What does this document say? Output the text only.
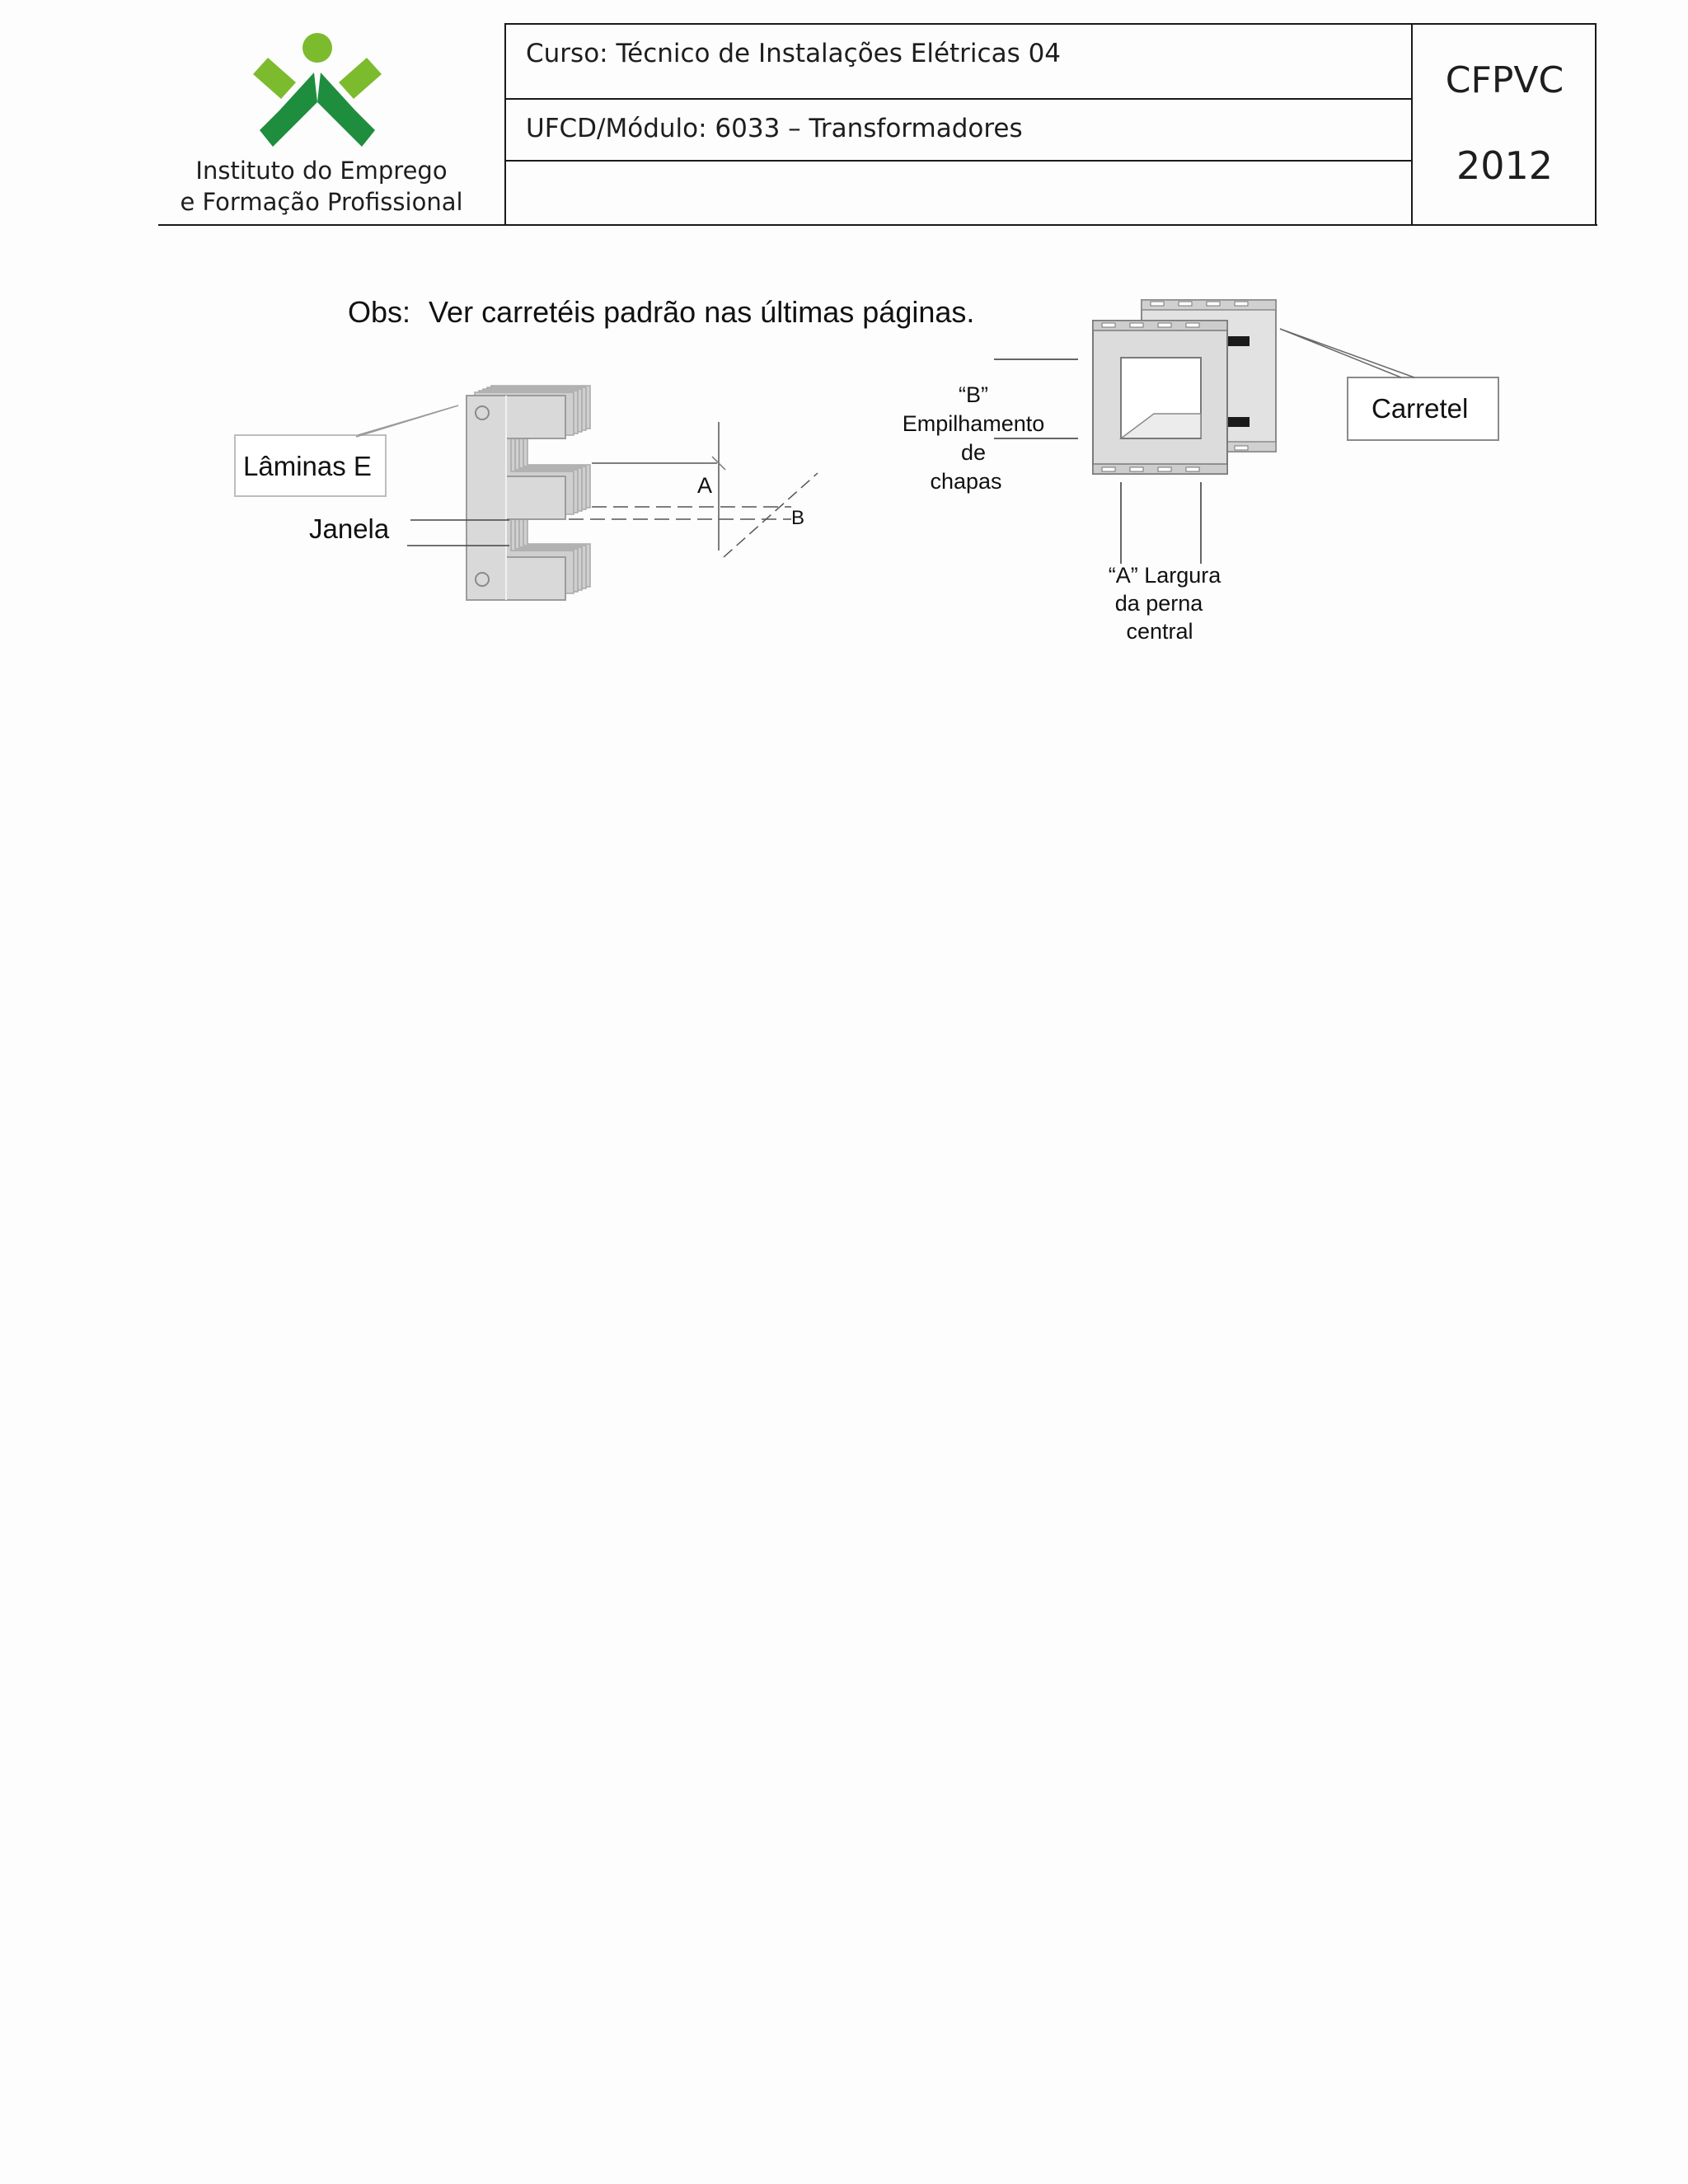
Instituto do Emprego
e Formação Profissional
Curso: Técnico de Instalações Elétricas 04
UFCD/Módulo: 6033 – Transformadores
CFPVC
2012
Obs: Ver carretéis padrão nas últimas páginas.
Lâminas E
Janela
A
B
Carretel
“B”
Empilhamento
de
chapas
“A” Largura
da perna
central
